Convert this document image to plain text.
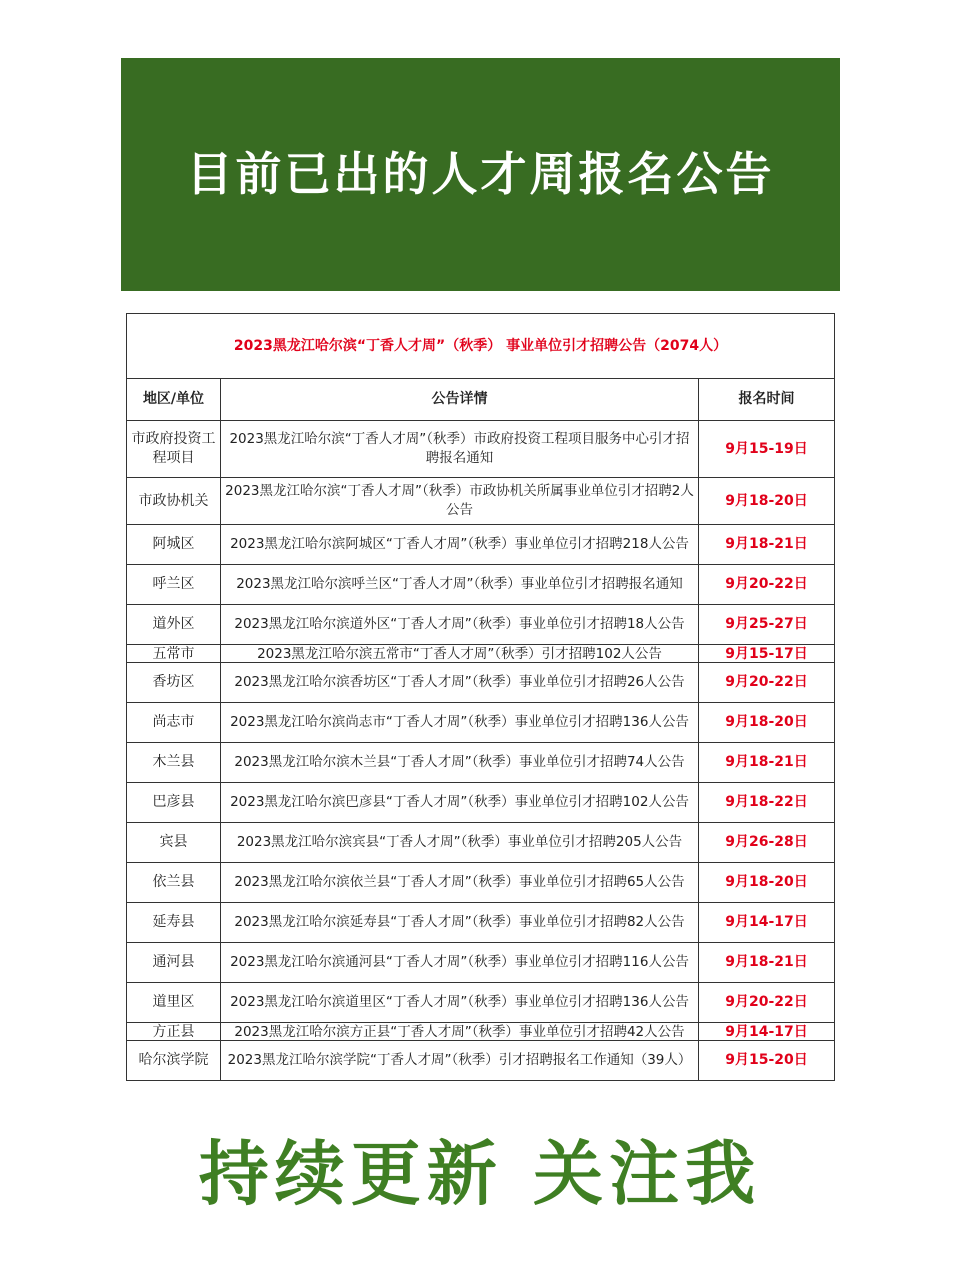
目前已出的人才周报名公告
2023黑龙江哈尔滨“丁香人才周”（秋季） 事业单位引才招聘公告（2074人）		
地区/单位	公告详情	报名时间
市政府投资工程项目	2023黑龙江哈尔滨“丁香人才周”（秋季）市政府投资工程项目服务中心引才招聘报名通知	9月15-19日
市政协机关	2023黑龙江哈尔滨“丁香人才周”（秋季）市政协机关所属事业单位引才招聘2人公告	9月18-20日
阿城区	2023黑龙江哈尔滨阿城区“丁香人才周”（秋季）事业单位引才招聘218人公告	9月18-21日
呼兰区	2023黑龙江哈尔滨呼兰区“丁香人才周”（秋季）事业单位引才招聘报名通知	9月20-22日
道外区	2023黑龙江哈尔滨道外区“丁香人才周”（秋季）事业单位引才招聘18人公告	9月25-27日
五常市	2023黑龙江哈尔滨五常市“丁香人才周”（秋季）引才招聘102人公告	9月15-17日
香坊区	2023黑龙江哈尔滨香坊区“丁香人才周”（秋季）事业单位引才招聘26人公告	9月20-22日
尚志市	2023黑龙江哈尔滨尚志市“丁香人才周”（秋季）事业单位引才招聘136人公告	9月18-20日
木兰县	2023黑龙江哈尔滨木兰县“丁香人才周”（秋季）事业单位引才招聘74人公告	9月18-21日
巴彦县	2023黑龙江哈尔滨巴彦县“丁香人才周”（秋季）事业单位引才招聘102人公告	9月18-22日
宾县	2023黑龙江哈尔滨宾县“丁香人才周”（秋季）事业单位引才招聘205人公告	9月26-28日
依兰县	2023黑龙江哈尔滨依兰县“丁香人才周”（秋季）事业单位引才招聘65人公告	9月18-20日
延寿县	2023黑龙江哈尔滨延寿县“丁香人才周”（秋季）事业单位引才招聘82人公告	9月14-17日
通河县	2023黑龙江哈尔滨通河县“丁香人才周”（秋季）事业单位引才招聘116人公告	9月18-21日
道里区	2023黑龙江哈尔滨道里区“丁香人才周”（秋季）事业单位引才招聘136人公告	9月20-22日
方正县	2023黑龙江哈尔滨方正县“丁香人才周”（秋季）事业单位引才招聘42人公告	9月14-17日
哈尔滨学院	2023黑龙江哈尔滨学院“丁香人才周”（秋季）引才招聘报名工作通知（39人）	9月15-20日
持续更新 关注我
